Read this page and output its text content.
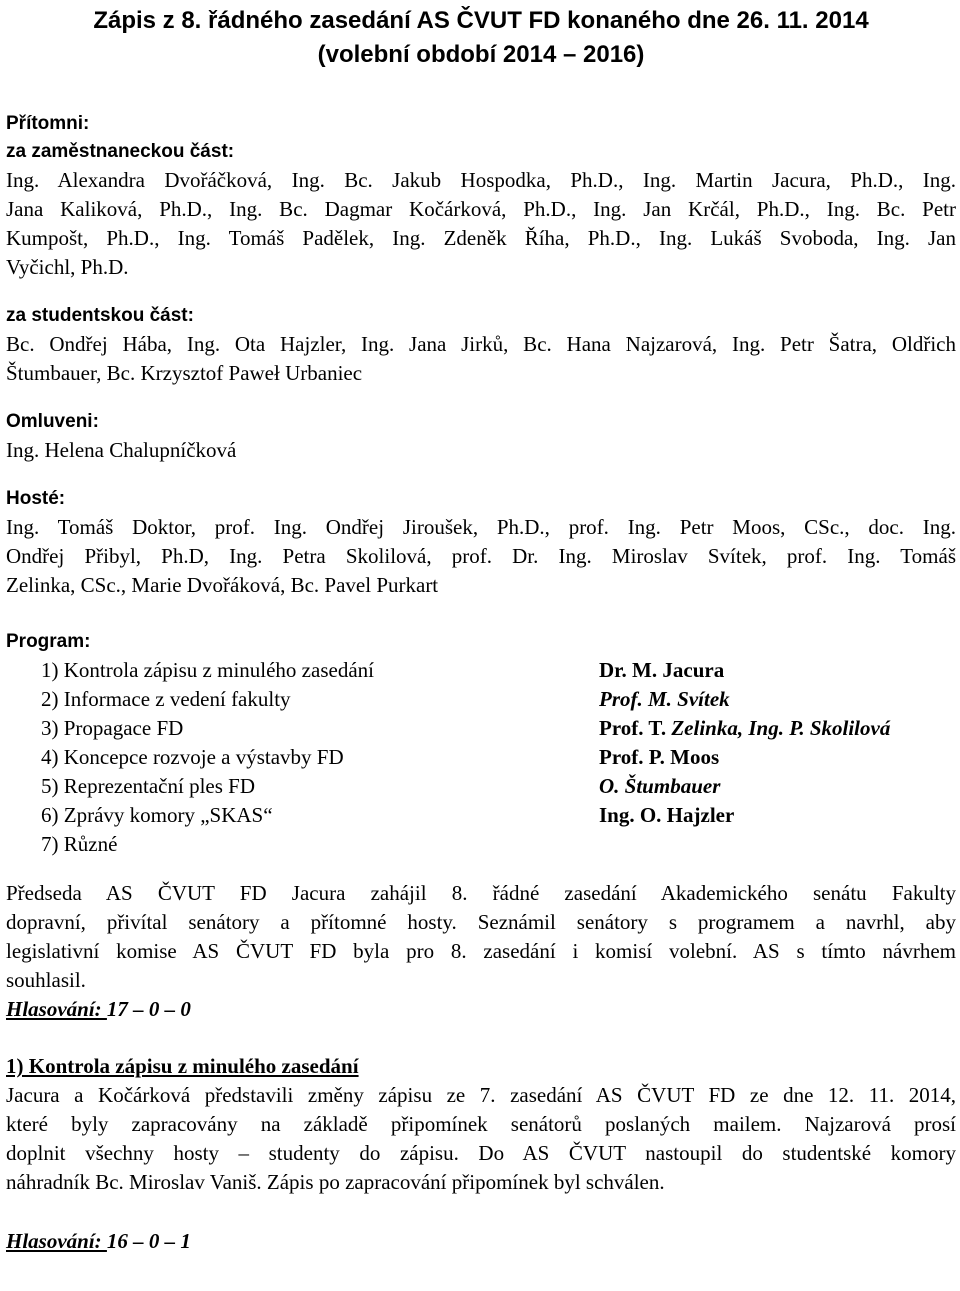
Zápis z 8. řádného zasedání AS ČVUT FD konaného dne 26. 11. 2014
(volební období 2014 – 2016)
Přítomni:
za zaměstnaneckou část:
Ing. Alexandra Dvořáčková, Ing. Bc. Jakub Hospodka, Ph.D., Ing. Martin Jacura, Ph.D., Ing.
Jana Kaliková, Ph.D., Ing. Bc. Dagmar Kočárková, Ph.D., Ing. Jan Krčál, Ph.D., Ing. Bc. Petr
Kumpošt, Ph.D., Ing. Tomáš Padělek, Ing. Zdeněk Říha, Ph.D., Ing. Lukáš Svoboda, Ing. Jan
Vyčichl, Ph.D.
za studentskou část:
Bc. Ondřej Hába, Ing. Ota Hajzler, Ing. Jana Jirků, Bc. Hana Najzarová, Ing. Petr Šatra, Oldřich
Štumbauer, Bc. Krzysztof Paweł Urbaniec
Omluveni:
Ing. Helena Chalupníčková
Hosté:
Ing. Tomáš Doktor, prof. Ing. Ondřej Jiroušek, Ph.D., prof. Ing. Petr Moos, CSc., doc. Ing.
Ondřej Přibyl, Ph.D, Ing. Petra Skolilová, prof. Dr. Ing. Miroslav Svítek, prof. Ing. Tomáš
Zelinka, CSc., Marie Dvořáková, Bc. Pavel Purkart
Program:
1) Kontrola zápisu z minulého zasedání	Dr. M. Jacura
2) Informace z vedení fakulty	Prof. M. Svítek
3) Propagace FD	Prof. T. Zelinka, Ing. P. Skolilová
4) Koncepce rozvoje a výstavby FD	Prof. P. Moos
5) Reprezentační ples FD	O. Štumbauer
6) Zprávy komory „SKAS“	Ing. O. Hajzler
7) Různé
Předseda AS ČVUT FD Jacura zahájil 8. řádné zasedání Akademického senátu Fakulty
dopravní, přivítal senátory a přítomné hosty. Seznámil senátory s programem a navrhl, aby
legislativní komise AS ČVUT FD byla pro 8. zasedání i komisí volební. AS s tímto návrhem
souhlasil.
Hlasování: 17 – 0 – 0
1) Kontrola zápisu z minulého zasedání
Jacura a Kočárková představili změny zápisu ze 7. zasedání AS ČVUT FD ze dne 12. 11. 2014,
které byly zapracovány na základě připomínek senátorů poslaných mailem. Najzarová prosí
doplnit všechny hosty – studenty do zápisu. Do AS ČVUT nastoupil do studentské komory
náhradník Bc. Miroslav Vaniš. Zápis po zapracování připomínek byl schválen.
Hlasování: 16 – 0 – 1
